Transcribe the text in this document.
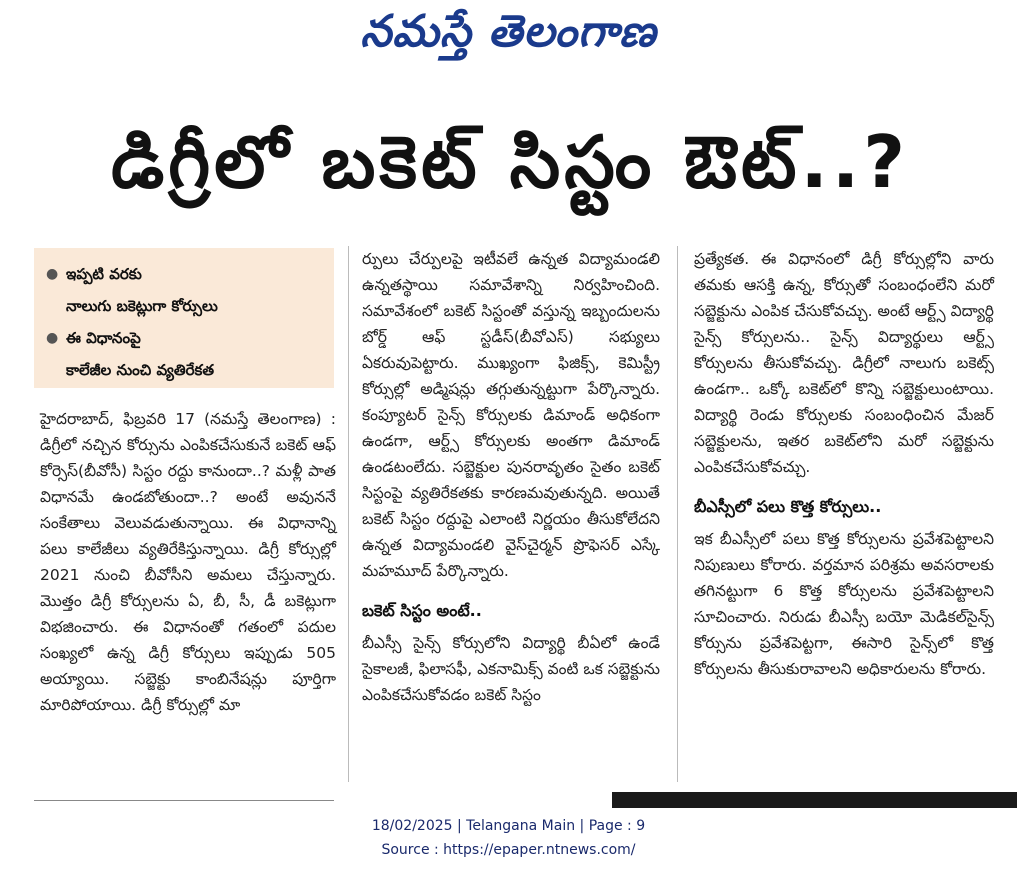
నమస్తే తెలంగాణ
డిగ్రీలో బకెట్ సిస్టం ఔట్..?
● ఇప్పటి వరకు
నాలుగు బకెట్లుగా కోర్సులు
● ఈ విధానంపై
కాలేజీల నుంచి వ్యతిరేకత

హైదరాబాద్, ఫిబ్రవరి 17 (నమస్తే తెలంగాణ) : డిగ్రీలో నచ్చిన కోర్సును ఎంపికచేసుకునే బకెట్ ఆఫ్ కోర్సెస్(బీవోసీ) సిస్టం రద్దు కానుందా..? మళ్లీ పాత విధానమే ఉండబోతుందా..? అంటే అవుననే సంకేతాలు వెలువడుతున్నాయి. ఈ విధానాన్ని పలు కాలేజీలు వ్యతిరేకిస్తున్నాయి. డిగ్రీ కోర్సుల్లో 2021 నుంచి బీవోసీని అమలు చేస్తున్నారు. మొత్తం డిగ్రీ కోర్సులను ఏ, బీ, సీ, డీ బకెట్లుగా విభజించారు. ఈ విధానంతో గతంలో పదుల సంఖ్యలో ఉన్న డిగ్రీ కోర్సులు ఇప్పుడు 505 అయ్యాయి. సబ్జెక్టు కాంబినేషన్లు పూర్తిగా మారిపోయాయి. డిగ్రీ కోర్సుల్లో మా

ర్పులు చేర్పులపై ఇటీవలే ఉన్నత విద్యామండలి ఉన్నతస్థాయి సమావేశాన్ని నిర్వహించింది. సమావేశంలో బకెట్ సిస్టంతో వస్తున్న ఇబ్బందులను బోర్డ్ ఆఫ్ స్టడీస్(బీవోఎస్) సభ్యులు ఏకరువుపెట్టారు. ముఖ్యంగా ఫిజిక్స్, కెమిస్ట్రీ కోర్సుల్లో అడ్మిషన్లు తగ్గుతున్నట్టుగా పేర్కొన్నారు. కంప్యూటర్ సైన్స్ కోర్సులకు డిమాండ్ అధికంగా ఉండగా, ఆర్ట్స్ కోర్సులకు అంతగా డిమాండ్ ఉండటంలేదు. సబ్జెక్టుల పునరావృతం సైతం బకెట్ సిస్టంపై వ్యతిరేకతకు కారణమవుతున్నది. అయితే బకెట్ సిస్టం రద్దుపై ఎలాంటి నిర్ణయం తీసుకోలేదని ఉన్నత విద్యామండలి వైస్‌చైర్మన్ ప్రొఫెసర్ ఎస్కే మహమూద్ పేర్కొన్నారు.

బకెట్ సిస్టం అంటే..

బీఎస్సీ సైన్స్ కోర్సులోని విద్యార్థి బీఏలో ఉండే సైకాలజీ, ఫిలాసఫీ, ఎకనామిక్స్ వంటి ఒక సబ్జెక్టును ఎంపికచేసుకోవడం బకెట్ సిస్టం

ప్రత్యేకత. ఈ విధానంలో డిగ్రీ కోర్సుల్లోని వారు తమకు ఆసక్తి ఉన్న, కోర్సుతో సంబంధంలేని మరో సబ్జెక్టును ఎంపిక చేసుకోవచ్చు. అంటే ఆర్ట్స్ విద్యార్థి సైన్స్ కోర్సులను.. సైన్స్ విద్యార్థులు ఆర్ట్స్ కోర్సులను తీసుకోవచ్చు. డిగ్రీలో నాలుగు బకెట్స్ ఉండగా.. ఒక్కో బకెట్‌లో కొన్ని సబ్జెక్టులుంటాయి. విద్యార్థి రెండు కోర్సులకు సంబంధించిన మేజర్ సబ్జెక్టులను, ఇతర బకెట్‌లోని మరో సబ్జెక్టును ఎంపికచేసుకోవచ్చు.

బీఎస్సీలో పలు కొత్త కోర్సులు..

ఇక బీఎస్సీలో పలు కొత్త కోర్సులను ప్రవేశపెట్టాలని నిపుణులు కోరారు. వర్తమాన పరిశ్రమ అవసరాలకు తగినట్టుగా 6 కొత్త కోర్సులను ప్రవేశపెట్టాలని సూచించారు. నిరుడు బీఎస్సీ బయో మెడికల్‌సైన్స్ కోర్సును ప్రవేశపెట్టగా, ఈసారి సైన్స్‌లో కొత్త కోర్సులను తీసుకురావాలని అధికారులను కోరారు.

18/02/2025 | Telangana Main | Page : 9
Source : https://epaper.ntnews.com/
